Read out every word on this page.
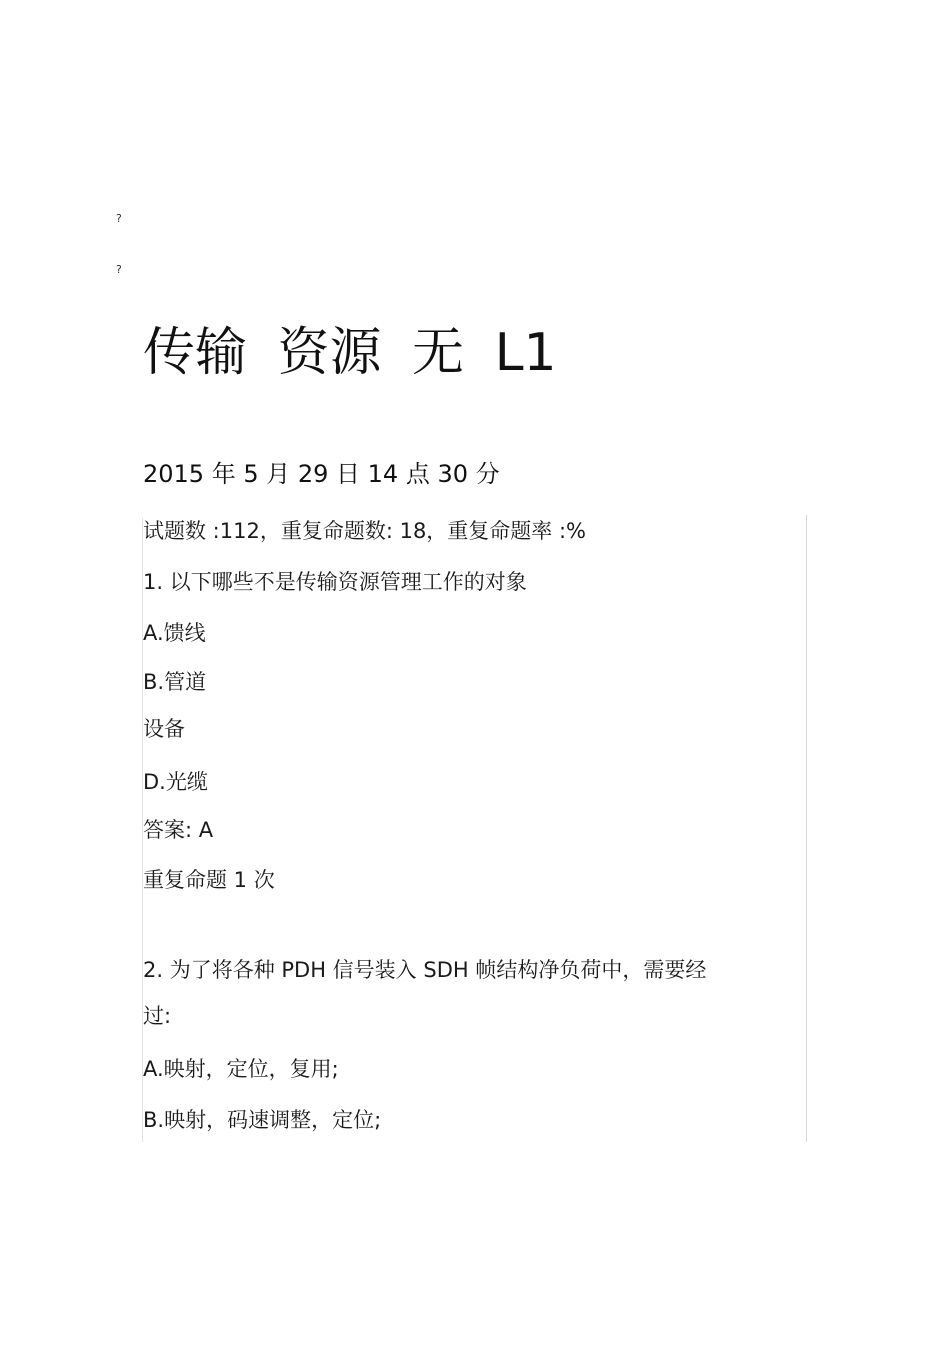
?
?
传输 资源 无 L1
2015 年 5 月 29 日 14 点 30 分
试题数 :112，重复命题数: 18，重复命题率 :%
1. 以下哪些不是传输资源管理工作的对象
A.馈线
B.管道
设备
D.光缆
答案: A
重复命题 1 次
2. 为了将各种 PDH 信号装入 SDH 帧结构净负荷中，需要经
过:
A.映射，定位，复用;
B.映射，码速调整，定位;
